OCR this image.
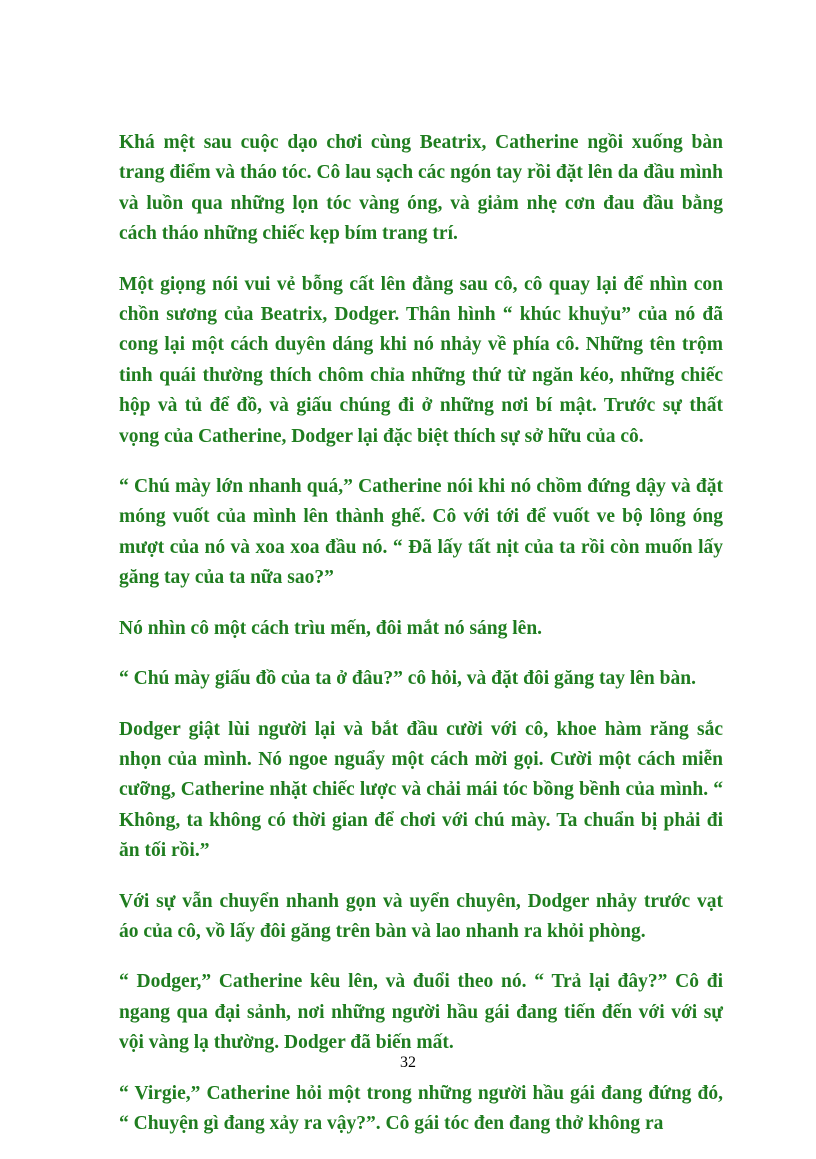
Khá mệt sau cuộc dạo chơi cùng Beatrix, Catherine ngồi xuống bàn trang điểm và tháo tóc. Cô lau sạch các ngón tay rồi đặt lên da đầu mình và luồn qua những lọn tóc vàng óng, và giảm nhẹ cơn đau đầu bằng cách tháo những chiếc kẹp bím trang trí.

Một giọng nói vui vẻ bỗng cất lên đằng sau cô, cô quay lại để nhìn con chồn sương của Beatrix, Dodger. Thân hình “ khúc khuỷu” của nó đã cong lại một cách duyên dáng khi nó nhảy về phía cô. Những tên trộm tinh quái thường thích chôm chỉa những thứ từ ngăn kéo, những chiếc hộp và tủ để đồ, và giấu chúng đi ở những nơi bí mật. Trước sự thất vọng của Catherine, Dodger lại đặc biệt thích sự sở hữu của cô.

“ Chú mày lớn nhanh quá,” Catherine nói khi nó chồm đứng dậy và đặt móng vuốt của mình lên thành ghế. Cô với tới để vuốt ve bộ lông óng mượt của nó và xoa xoa đầu nó. “ Đã lấy tất nịt của ta rồi còn muốn lấy găng tay của ta nữa sao?”

Nó nhìn cô một cách trìu mến, đôi mắt nó sáng lên.

“ Chú mày giấu đồ của ta ở đâu?” cô hỏi, và đặt đôi găng tay lên bàn.

Dodger giật lùi người lại và bắt đầu cười với cô, khoe hàm răng sắc nhọn của mình. Nó ngoe nguẩy một cách mời gọi. Cười một cách miễn cưỡng, Catherine nhặt chiếc lược và chải mái tóc bồng bềnh của mình. “ Không, ta không có thời gian để chơi với chú mày. Ta chuẩn bị phải đi ăn tối rồi.”

Với sự vẫn chuyển nhanh gọn và uyển chuyên, Dodger nhảy trước vạt áo của cô, vồ lấy đôi găng trên bàn và lao nhanh ra khỏi phòng.

“ Dodger,” Catherine kêu lên, và đuổi theo nó. “ Trả lại đây?” Cô đi ngang qua đại sảnh, nơi những người hầu gái đang tiến đến với với sự vội vàng lạ thường. Dodger đã biến mất.

“ Virgie,” Catherine hỏi một trong những người hầu gái đang đứng đó, “ Chuyện gì đang xảy ra vậy?”. Cô gái tóc đen đang thở không ra

32
